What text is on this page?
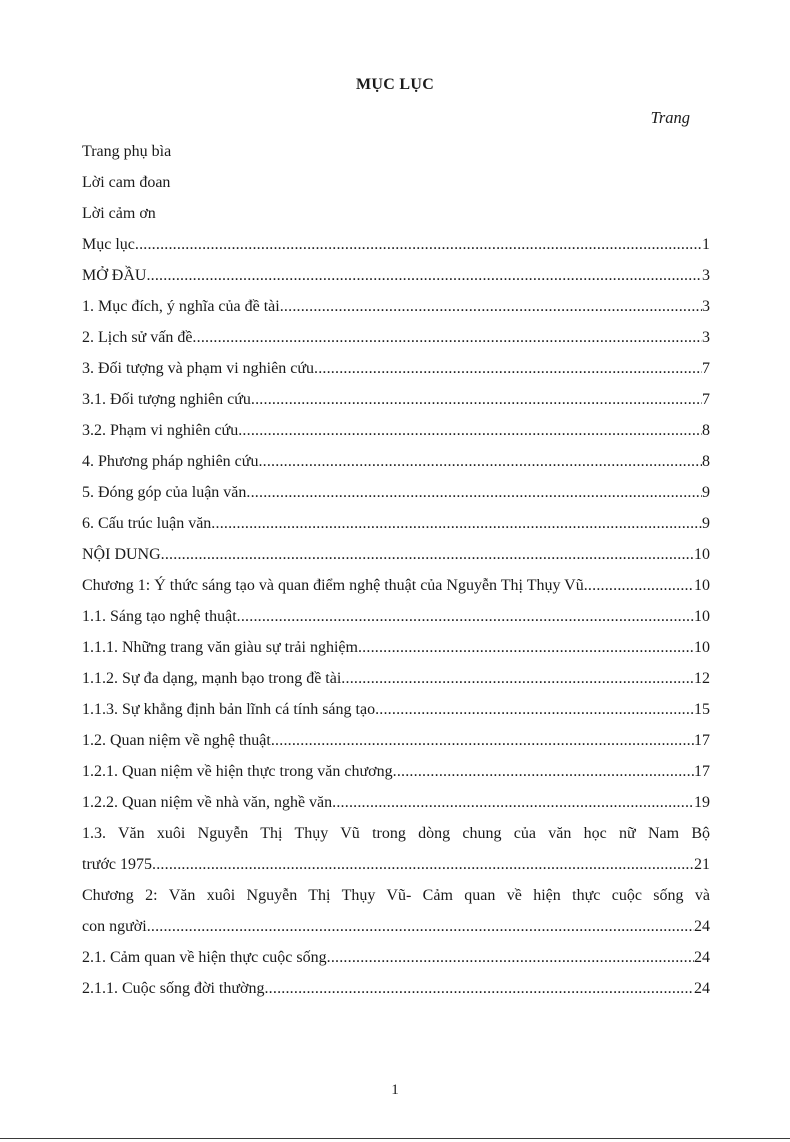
MỤC LỤC
Trang
Trang phụ bìa
Lời cam đoan
Lời cảm ơn
Mục lục .....	1
MỞ ĐẦU .....	3
1. Mục đích, ý nghĩa của đề tài .....	3
2. Lịch sử vấn đề .....	3
3. Đối tượng và phạm vi nghiên cứu .....	7
3.1. Đối tượng nghiên cứu .....	7
3.2. Phạm vi nghiên cứu .....	8
4. Phương pháp nghiên cứu .....	8
5. Đóng góp của luận văn .....	9
6. Cấu trúc luận văn .....	9
NỘI DUNG .....	10
Chương 1: Ý thức sáng tạo và quan điểm nghệ thuật của Nguyễn Thị Thụy Vũ .....	10
1.1. Sáng tạo nghệ thuật .....	10
1.1.1. Những trang văn giàu sự trải nghiệm .....	10
1.1.2. Sự đa dạng, mạnh bạo trong đề tài .....	12
1.1.3. Sự khẳng định bản lĩnh cá tính sáng tạo .....	15
1.2. Quan niệm về nghệ thuật .....	17
1.2.1. Quan niệm về hiện thực trong văn chương .....	17
1.2.2. Quan niệm về nhà văn, nghề văn .....	19
1.3. Văn xuôi Nguyễn Thị Thụy Vũ trong dòng chung của văn học nữ Nam Bộ
trước 1975 .....	21
Chương 2: Văn xuôi Nguyễn Thị Thụy Vũ- Cảm quan về hiện thực cuộc sống và
con người .....	24
2.1. Cảm quan về hiện thực cuộc sống .....	24
2.1.1. Cuộc sống đời thường .....	24
1
